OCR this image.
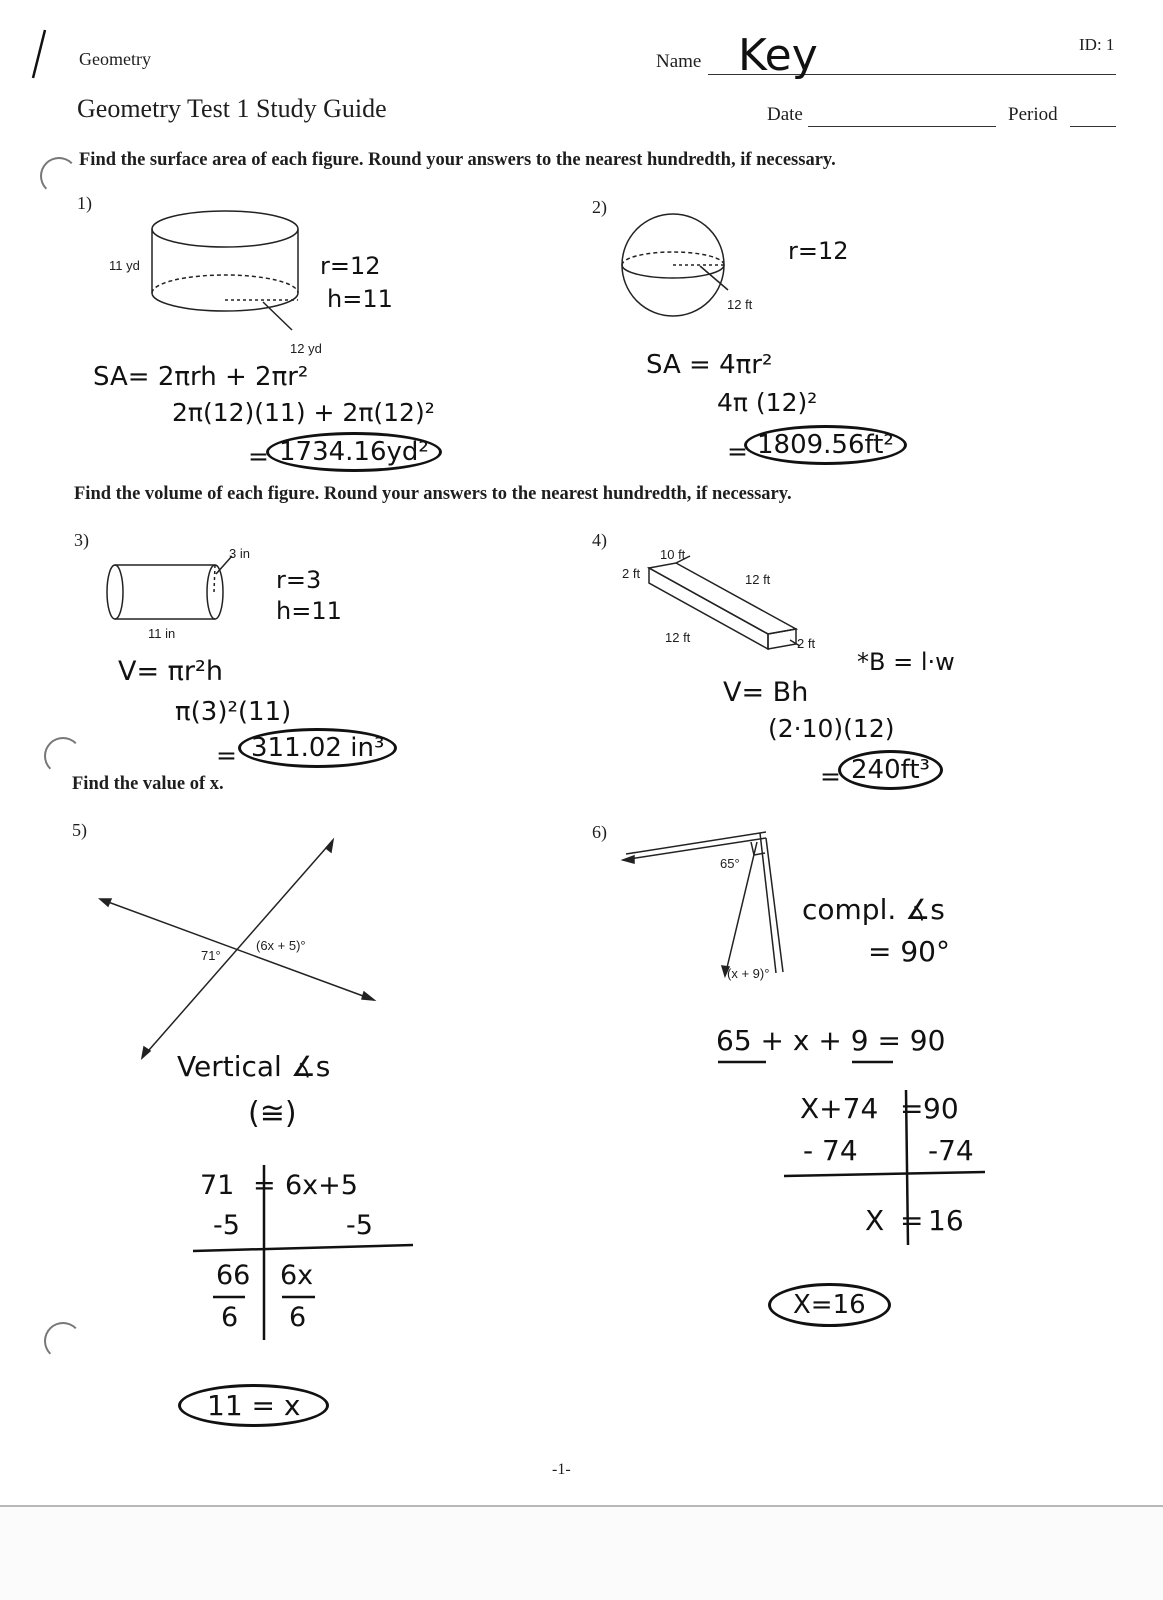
Geometry
Geometry Test 1 Study Guide
Name Key	ID: 1
Date	Period
Find the surface area of each figure. Round your answers to the nearest hundredth, if necessary.
Find the volume of each figure. Round your answers to the nearest hundredth, if necessary.
Find the value of x.
1)	2)
3)	4)
5)	6)
11 yd
12 yd
r=12
h=11
SA= 2πrh + 2πr²
2π(12)(11) + 2π(12)²
= 1734.16yd²
12 ft
r=12
SA = 4πr²
4π (12)²
= 1809.56ft²
3 in
11 in
r=3
h=11
V= πr²h
π(3)²(11)
= 311.02 in³
10 ft
2 ft	12 ft
12 ft	2 ft
*B = l·w
V= Bh
(2·10)(12)
= 240ft³
71°
(6x + 5)°
Vertical ∡s
(≅)
71 = 6x+5
-5	-5
66 6x
6 6
11 = x
65°
(x + 9)°
compl. ∡s
= 90°
65 + x + 9 = 90
X+74 = 90
- 74	-74
X = 16
X=16
-1-
